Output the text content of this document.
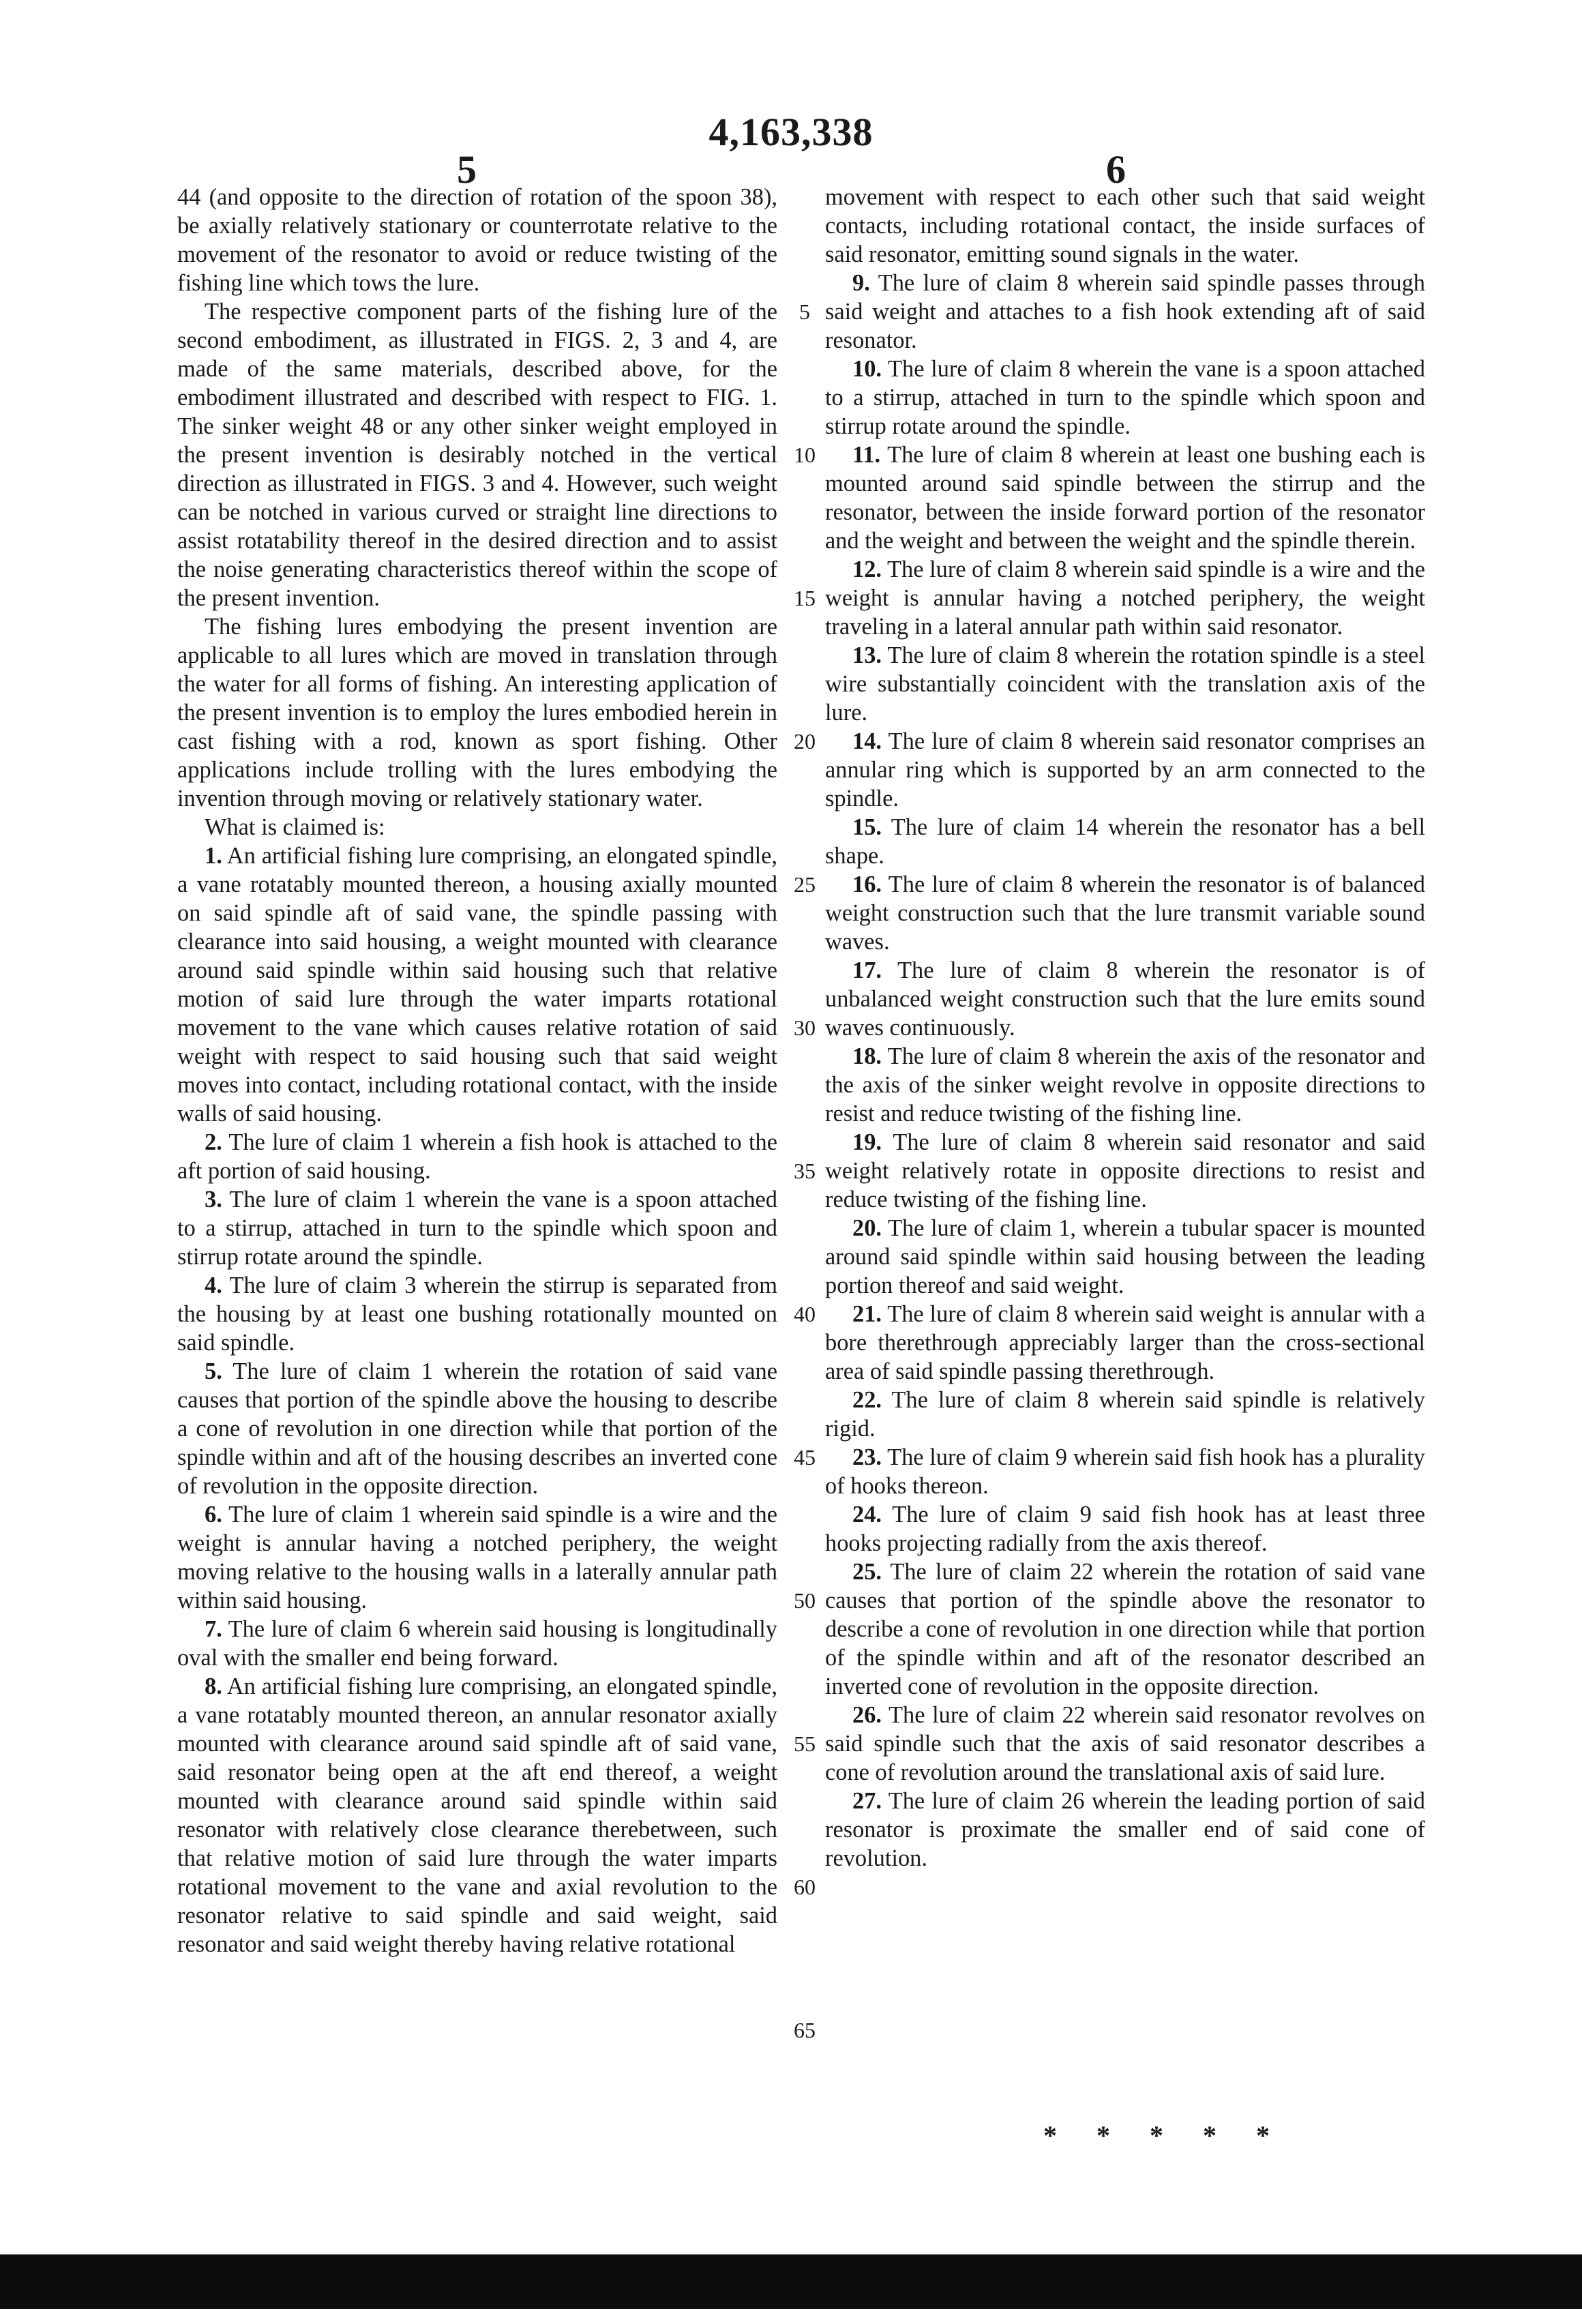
4,163,338
5	6

44 (and opposite to the direction of rotation of the spoon 38), be axially relatively stationary or counterrotate relative to the movement of the resonator to avoid or reduce twisting of the fishing line which tows the lure.

The respective component parts of the fishing lure of the second embodiment, as illustrated in FIGS. 2, 3 and 4, are made of the same materials, described above, for the embodiment illustrated and described with respect to FIG. 1. The sinker weight 48 or any other sinker weight employed in the present invention is desirably notched in the vertical direction as illustrated in FIGS. 3 and 4. However, such weight can be notched in various curved or straight line directions to assist rotatability thereof in the desired direction and to assist the noise generating characteristics thereof within the scope of the present invention.

The fishing lures embodying the present invention are applicable to all lures which are moved in translation through the water for all forms of fishing. An interesting application of the present invention is to employ the lures embodied herein in cast fishing with a rod, known as sport fishing. Other applications include trolling with the lures embodying the invention through moving or relatively stationary water.

What is claimed is:

1. An artificial fishing lure comprising, an elongated spindle, a vane rotatably mounted thereon, a housing axially mounted on said spindle aft of said vane, the spindle passing with clearance into said housing, a weight mounted with clearance around said spindle within said housing such that relative motion of said lure through the water imparts rotational movement to the vane which causes relative rotation of said weight with respect to said housing such that said weight moves into contact, including rotational contact, with the inside walls of said housing.

2. The lure of claim 1 wherein a fish hook is attached to the aft portion of said housing.

3. The lure of claim 1 wherein the vane is a spoon attached to a stirrup, attached in turn to the spindle which spoon and stirrup rotate around the spindle.

4. The lure of claim 3 wherein the stirrup is separated from the housing by at least one bushing rotationally mounted on said spindle.

5. The lure of claim 1 wherein the rotation of said vane causes that portion of the spindle above the housing to describe a cone of revolution in one direction while that portion of the spindle within and aft of the housing describes an inverted cone of revolution in the opposite direction.

6. The lure of claim 1 wherein said spindle is a wire and the weight is annular having a notched periphery, the weight moving relative to the housing walls in a laterally annular path within said housing.

7. The lure of claim 6 wherein said housing is longitudinally oval with the smaller end being forward.

8. An artificial fishing lure comprising, an elongated spindle, a vane rotatably mounted thereon, an annular resonator axially mounted with clearance around said spindle aft of said vane, said resonator being open at the aft end thereof, a weight mounted with clearance around said spindle within said resonator with relatively close clearance therebetween, such that relative motion of said lure through the water imparts rotational movement to the vane and axial revolution to the resonator relative to said spindle and said weight, said resonator and said weight thereby having relative rotational

5
10
15
20
25
30
35
40
45
50
55
60
65

movement with respect to each other such that said weight contacts, including rotational contact, the inside surfaces of said resonator, emitting sound signals in the water.

9. The lure of claim 8 wherein said spindle passes through said weight and attaches to a fish hook extending aft of said resonator.

10. The lure of claim 8 wherein the vane is a spoon attached to a stirrup, attached in turn to the spindle which spoon and stirrup rotate around the spindle.

11. The lure of claim 8 wherein at least one bushing each is mounted around said spindle between the stirrup and the resonator, between the inside forward portion of the resonator and the weight and between the weight and the spindle therein.

12. The lure of claim 8 wherein said spindle is a wire and the weight is annular having a notched periphery, the weight traveling in a lateral annular path within said resonator.

13. The lure of claim 8 wherein the rotation spindle is a steel wire substantially coincident with the translation axis of the lure.

14. The lure of claim 8 wherein said resonator comprises an annular ring which is supported by an arm connected to the spindle.

15. The lure of claim 14 wherein the resonator has a bell shape.

16. The lure of claim 8 wherein the resonator is of balanced weight construction such that the lure transmit variable sound waves.

17. The lure of claim 8 wherein the resonator is of unbalanced weight construction such that the lure emits sound waves continuously.

18. The lure of claim 8 wherein the axis of the resonator and the axis of the sinker weight revolve in opposite directions to resist and reduce twisting of the fishing line.

19. The lure of claim 8 wherein said resonator and said weight relatively rotate in opposite directions to resist and reduce twisting of the fishing line.

20. The lure of claim 1, wherein a tubular spacer is mounted around said spindle within said housing between the leading portion thereof and said weight.

21. The lure of claim 8 wherein said weight is annular with a bore therethrough appreciably larger than the cross-sectional area of said spindle passing therethrough.

22. The lure of claim 8 wherein said spindle is relatively rigid.

23. The lure of claim 9 wherein said fish hook has a plurality of hooks thereon.

24. The lure of claim 9 said fish hook has at least three hooks projecting radially from the axis thereof.

25. The lure of claim 22 wherein the rotation of said vane causes that portion of the spindle above the resonator to describe a cone of revolution in one direction while that portion of the spindle within and aft of the resonator described an inverted cone of revolution in the opposite direction.

26. The lure of claim 22 wherein said resonator revolves on said spindle such that the axis of said resonator describes a cone of revolution around the translational axis of said lure.

27. The lure of claim 26 wherein the leading portion of said resonator is proximate the smaller end of said cone of revolution.

* * * * *
